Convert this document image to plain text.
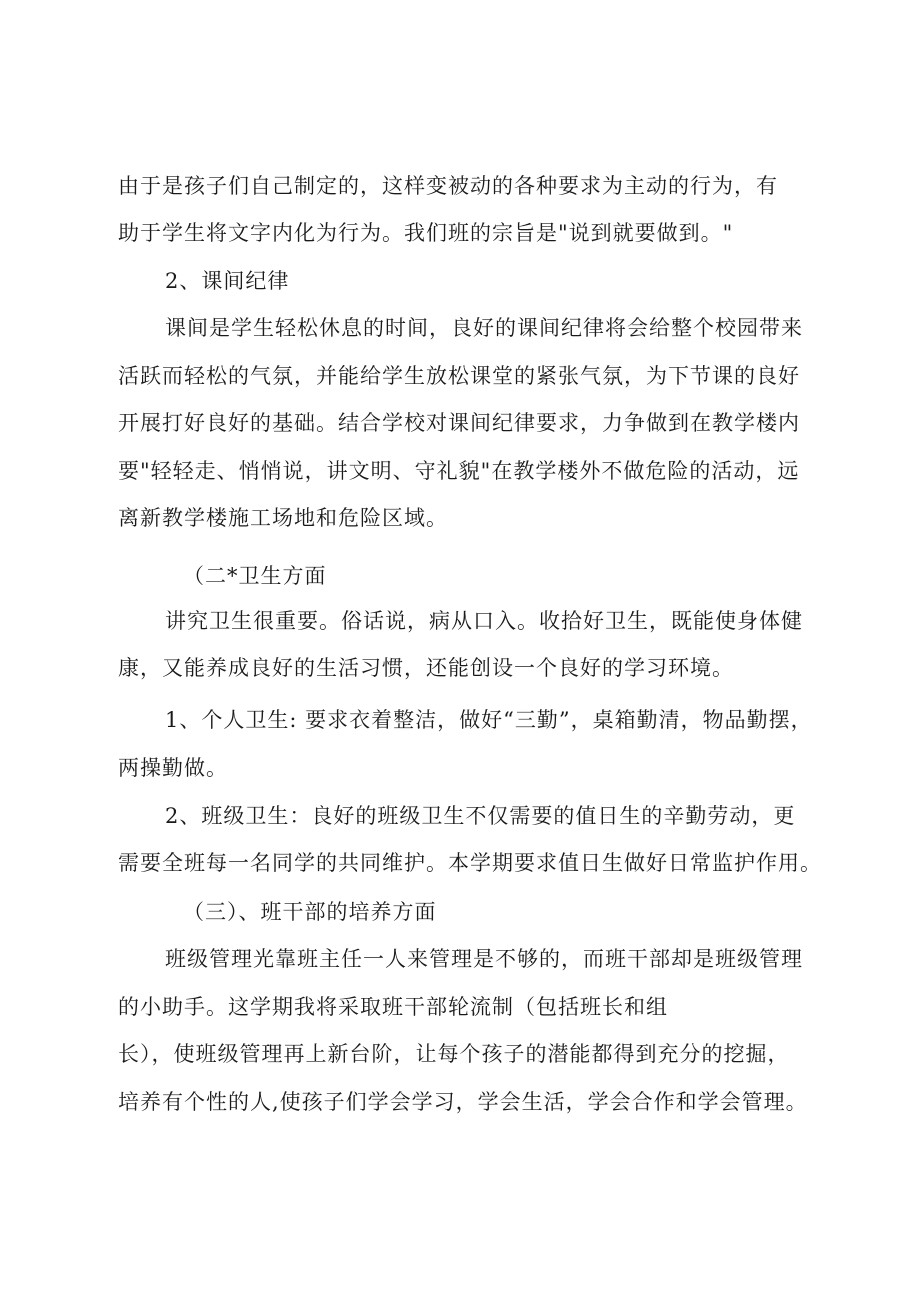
由于是孩子们自己制定的，这样变被动的各种要求为主动的行为，有
助于学生将文字内化为行为。我们班的宗旨是"说到就要做到。"
2、课间纪律
课间是学生轻松休息的时间，良好的课间纪律将会给整个校园带来
活跃而轻松的气氛，并能给学生放松课堂的紧张气氛，为下节课的良好
开展打好良好的基础。结合学校对课间纪律要求，力争做到在教学楼内
要"轻轻走、悄悄说，讲文明、守礼貌"在教学楼外不做危险的活动，远
离新教学楼施工场地和危险区域。
（二*卫生方面
讲究卫生很重要。俗话说，病从口入。收拾好卫生，既能使身体健
康，又能养成良好的生活习惯，还能创设一个良好的学习环境。
1、个人卫生: 要求衣着整洁，做好“三勤”，桌箱勤清，物品勤摆，
两操勤做。
2、班级卫生：良好的班级卫生不仅需要的值日生的辛勤劳动，更
需要全班每一名同学的共同维护。本学期要求值日生做好日常监护作用。
（三）、班干部的培养方面
班级管理光靠班主任一人来管理是不够的，而班干部却是班级管理
的小助手。这学期我将采取班干部轮流制（包括班长和组
长），使班级管理再上新台阶，让每个孩子的潜能都得到充分的挖掘，
培养有个性的人,使孩子们学会学习，学会生活，学会合作和学会管理。
